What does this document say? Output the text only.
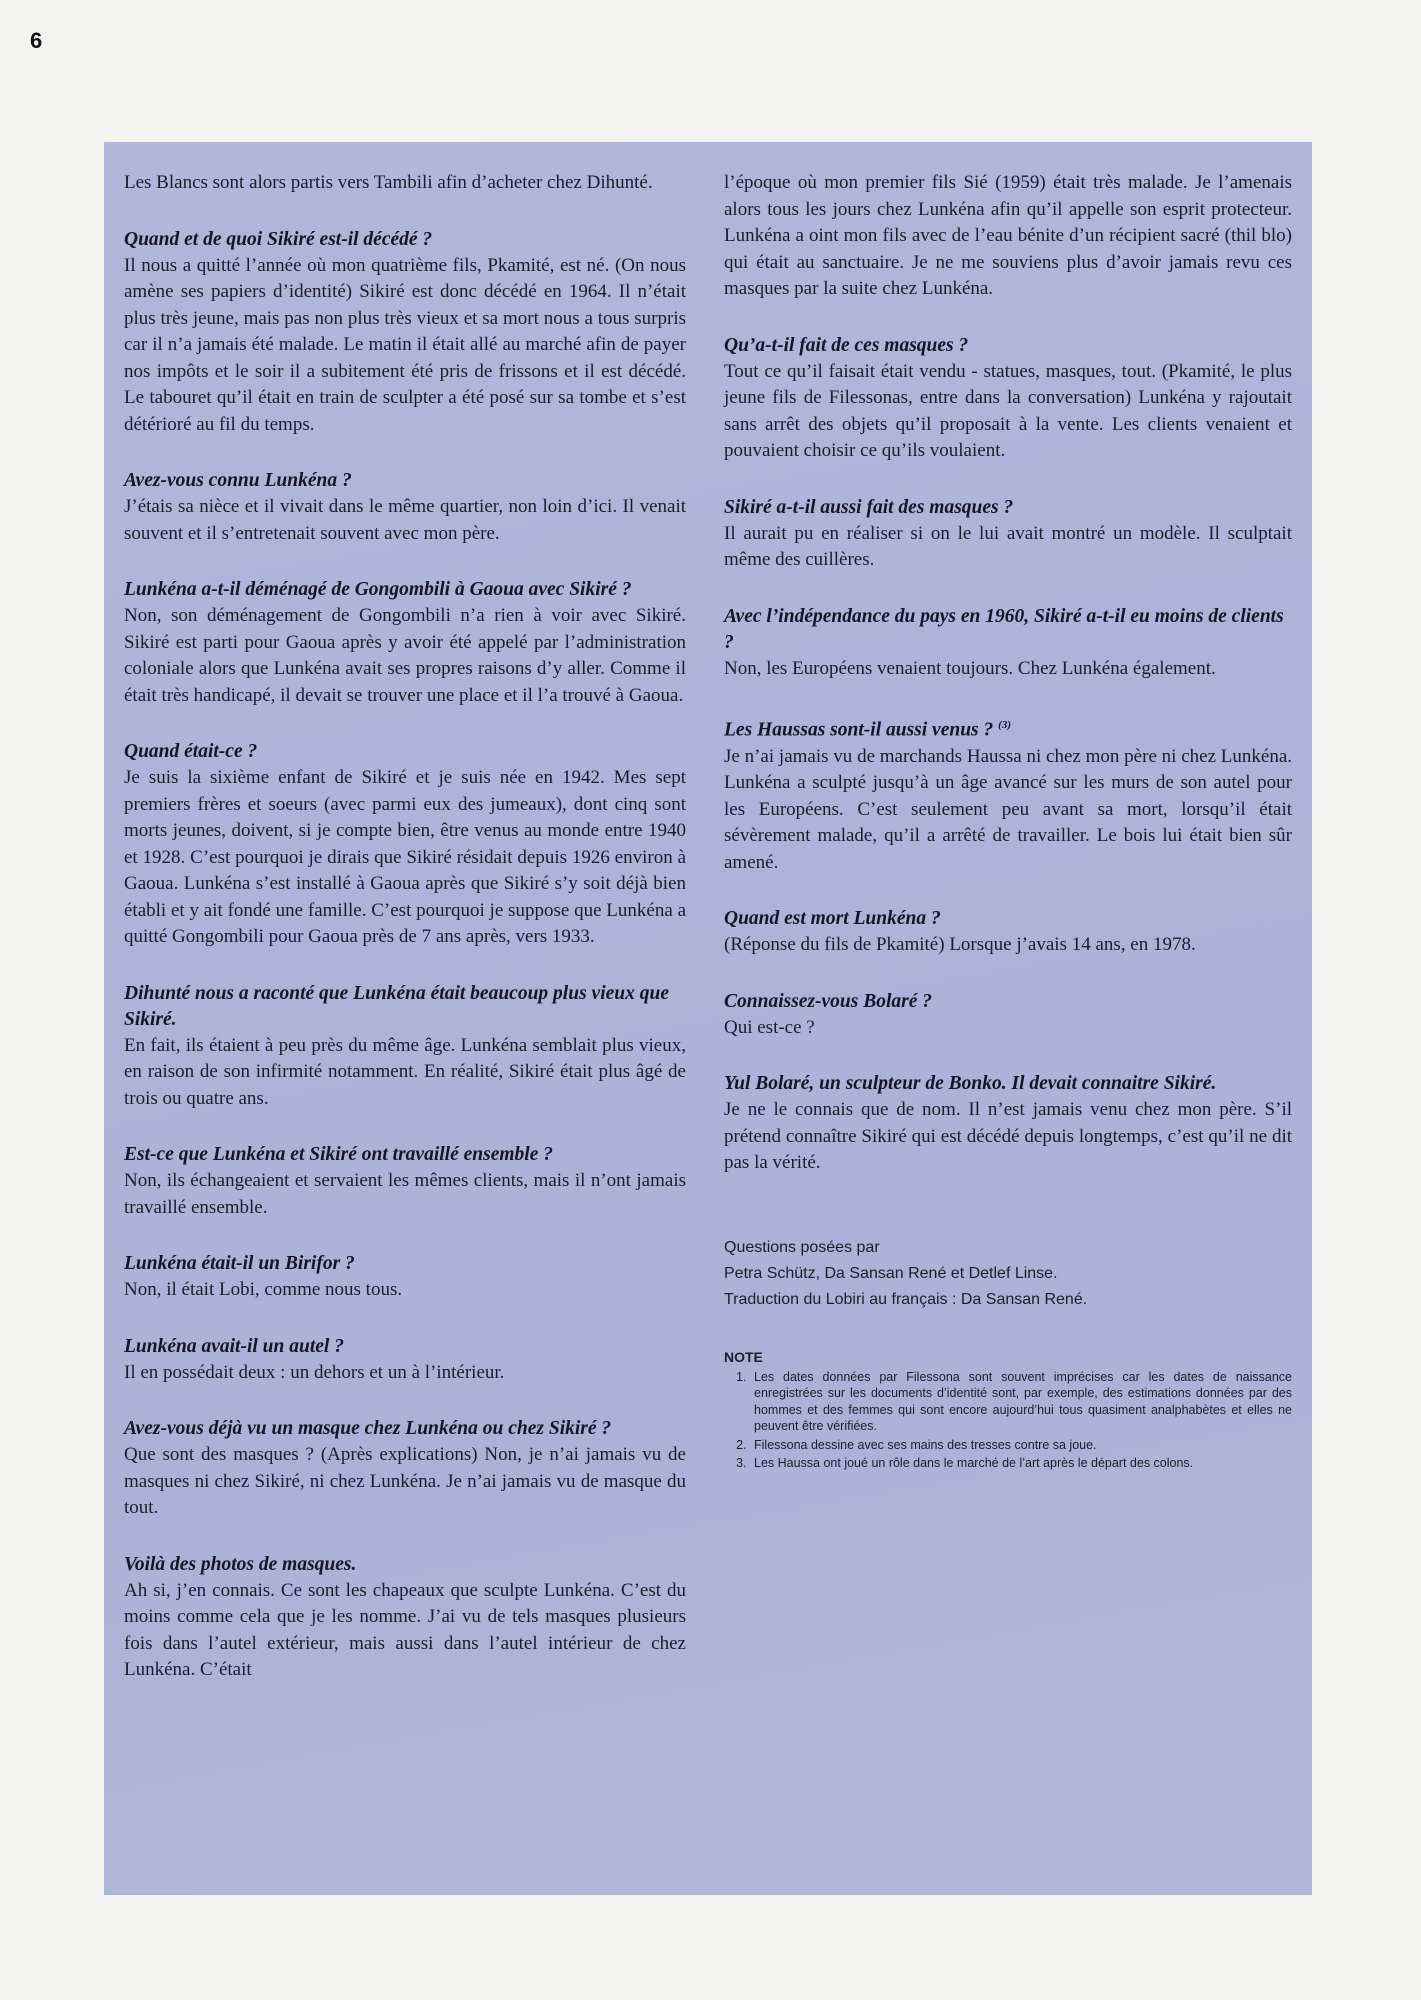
6

Les Blancs sont alors partis vers Tambili afin d’acheter chez Dihunté.

Quand et de quoi Sikiré est-il décédé ?

Il nous a quitté l’année où mon quatrième fils, Pkamité, est né. (On nous amène ses papiers d’identité) Sikiré est donc décédé en 1964. Il n’était plus très jeune, mais pas non plus très vieux et sa mort nous a tous surpris car il n’a jamais été malade. Le matin il était allé au marché afin de payer nos impôts et le soir il a subitement été pris de frissons et il est décédé. Le tabouret qu’il était en train de sculpter a été posé sur sa tombe et s’est détérioré au fil du temps.

Avez-vous connu Lunkéna ?

J’étais sa nièce et il vivait dans le même quartier, non loin d’ici. Il venait souvent et il s’entretenait souvent avec mon père.

Lunkéna a-t-il déménagé de Gongombili à Gaoua avec Sikiré ?

Non, son déménagement de Gongombili n’a rien à voir avec Sikiré. Sikiré est parti pour Gaoua après y avoir été appelé par l’administration coloniale alors que Lunkéna avait ses propres raisons d’y aller. Comme il était très handicapé, il devait se trouver une place et il l’a trouvé à Gaoua.

Quand était-ce ?

Je suis la sixième enfant de Sikiré et je suis née en 1942. Mes sept premiers frères et soeurs (avec parmi eux des jumeaux), dont cinq sont morts jeunes, doivent, si je compte bien, être venus au monde entre 1940 et 1928. C’est pourquoi je dirais que Sikiré résidait depuis 1926 environ à Gaoua. Lunkéna s’est installé à Gaoua après que Sikiré s’y soit déjà bien établi et y ait fondé une famille. C’est pourquoi je suppose que Lunkéna a quitté Gongombili pour Gaoua près de 7 ans après, vers 1933.

Dihunté nous a raconté que Lunkéna était beaucoup plus vieux que Sikiré.

En fait, ils étaient à peu près du même âge. Lunkéna semblait plus vieux, en raison de son infirmité notamment. En réalité, Sikiré était plus âgé de trois ou quatre ans.

Est-ce que Lunkéna et Sikiré ont travaillé ensemble ?

Non, ils échangeaient et servaient les mêmes clients, mais il n’ont jamais travaillé ensemble.

Lunkéna était-il un Birifor ?

Non, il était Lobi, comme nous tous.

Lunkéna avait-il un autel ?

Il en possédait deux : un dehors et un à l’intérieur.

Avez-vous déjà vu un masque chez Lunkéna ou chez Sikiré ?

Que sont des masques ? (Après explications) Non, je n’ai jamais vu de masques ni chez Sikiré, ni chez Lunkéna. Je n’ai jamais vu de masque du tout.

Voilà des photos de masques.

Ah si, j’en connais. Ce sont les chapeaux que sculpte Lunkéna. C’est du moins comme cela que je les nomme. J’ai vu de tels masques plusieurs fois dans l’autel extérieur, mais aussi dans l’autel intérieur de chez Lunkéna. C’était

l’époque où mon premier fils Sié (1959) était très malade. Je l’amenais alors tous les jours chez Lunkéna afin qu’il appelle son esprit protecteur. Lunkéna a oint mon fils avec de l’eau bénite d’un récipient sacré (thil blo) qui était au sanctuaire. Je ne me souviens plus d’avoir jamais revu ces masques par la suite chez Lunkéna.

Qu’a-t-il fait de ces masques ?

Tout ce qu’il faisait était vendu - statues, masques, tout. (Pkamité, le plus jeune fils de Filessonas, entre dans la conversation) Lunkéna y rajoutait sans arrêt des objets qu’il proposait à la vente. Les clients venaient et pouvaient choisir ce qu’ils voulaient.

Sikiré a-t-il aussi fait des masques ?

Il aurait pu en réaliser si on le lui avait montré un modèle. Il sculptait même des cuillères.

Avec l’indépendance du pays en 1960, Sikiré a-t-il eu moins de clients ?

Non, les Européens venaient toujours. Chez Lunkéna également.

Les Haussas sont-il aussi venus ? $^{(3)}$

Je n’ai jamais vu de marchands Haussa ni chez mon père ni chez Lunkéna. Lunkéna a sculpté jusqu’à un âge avancé sur les murs de son autel pour les Européens. C’est seulement peu avant sa mort, lorsqu’il était sévèrement malade, qu’il a arrêté de travailler. Le bois lui était bien sûr amené.

Quand est mort Lunkéna ?

(Réponse du fils de Pkamité) Lorsque j’avais 14 ans, en 1978.

Connaissez-vous Bolaré ?

Qui est-ce ?

Yul Bolaré, un sculpteur de Bonko. Il devait connaitre Sikiré.

Je ne le connais que de nom. Il n’est jamais venu chez mon père. S’il prétend connaître Sikiré qui est décédé depuis longtemps, c’est qu’il ne dit pas la vérité.

Questions posées par

Petra Schütz, Da Sansan René et Detlef Linse.

Traduction du Lobiri au français : Da Sansan René.

NOTE

1. Les dates données par Filessona sont souvent imprécises car les dates de naissance enregistrées sur les documents d’identité sont, par exemple, des estimations données par des hommes et des femmes qui sont encore aujourd’hui tous quasiment analphabètes et elles ne peuvent être vérifiées.
2. Filessona dessine avec ses mains des tresses contre sa joue.
3. Les Haussa ont joué un rôle dans le marché de l’art après le départ des colons.
